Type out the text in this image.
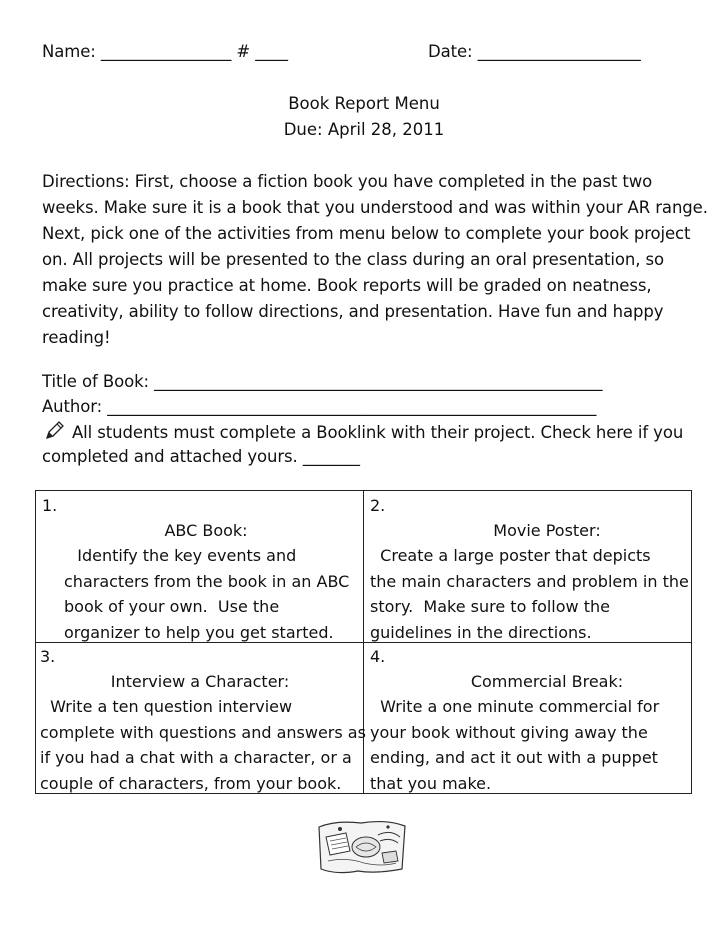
Name: ________________ # ____	Date: ____________________
Book Report Menu
Due: April 28, 2011
Directions: First, choose a fiction book you have completed in the past two
weeks. Make sure it is a book that you understood and was within your AR range.
Next, pick one of the activities from menu below to complete your book project
on. All projects will be presented to the class during an oral presentation, so
make sure you practice at home. Book reports will be graded on neatness,
creativity, ability to follow directions, and presentation. Have fun and happy
reading!
Title of Book: _______________________________________________________
Author: ____________________________________________________________
All students must complete a Booklink with their project. Check here if you
completed and attached yours. _______
1.
ABC Book:
Identify the key events and
characters from the book in an ABC
book of your own.  Use the
organizer to help you get started.
2.
Movie Poster:
Create a large poster that depicts
the main characters and problem in the
story.  Make sure to follow the
guidelines in the directions.
3.
Interview a Character:
Write a ten question interview
complete with questions and answers as
if you had a chat with a character, or a
couple of characters, from your book.
4.
Commercial Break:
Write a one minute commercial for
your book without giving away the
ending, and act it out with a puppet
that you make.
